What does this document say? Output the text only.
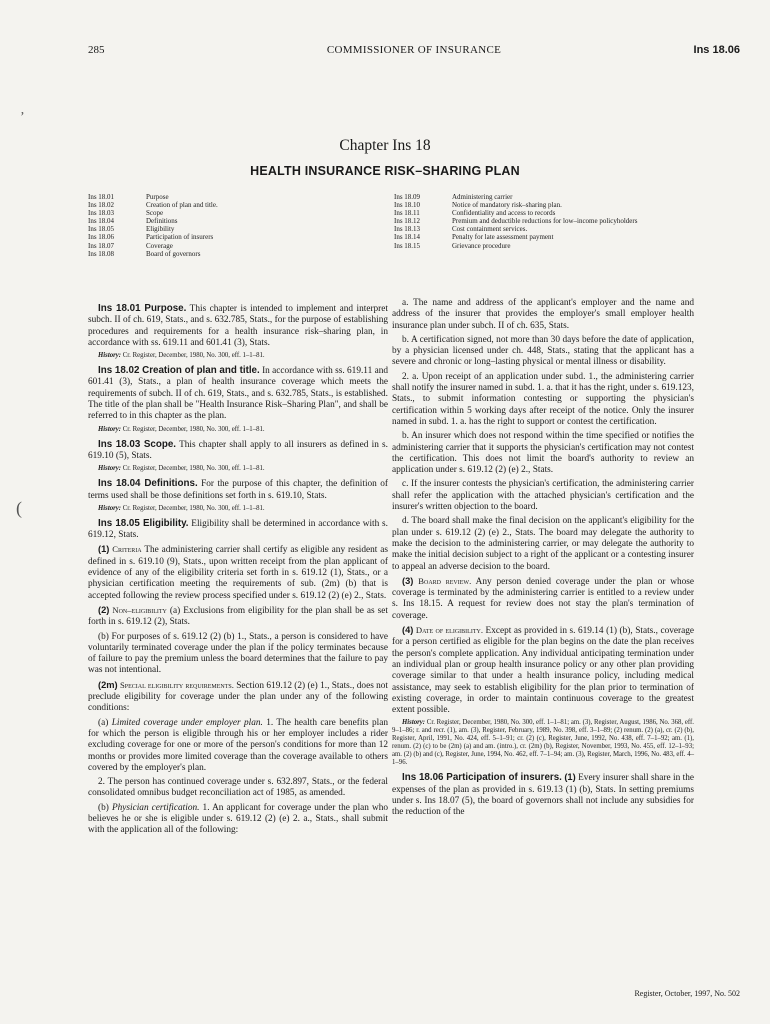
285	COMMISSIONER OF INSURANCE	Ins 18.06
’
(
Chapter Ins 18
HEALTH INSURANCE RISK–SHARING PLAN
Ins 18.01	Purpose
Ins 18.02	Creation of plan and title.
Ins 18.03	Scope
Ins 18.04	Definitions
Ins 18.05	Eligibility
Ins 18.06	Participation of insurers
Ins 18.07	Coverage
Ins 18.08	Board of governors
Ins 18.09	Administering carrier
Ins 18.10	Notice of mandatory risk–sharing plan.
Ins 18.11	Confidentiality and access to records
Ins 18.12	Premium and deductible reductions for low–income policyholders
Ins 18.13	Cost containment services.
Ins 18.14	Penalty for late assessment payment
Ins 18.15	Grievance procedure

Ins 18.01 Purpose. This chapter is intended to implement and interpret subch. II of ch. 619, Stats., and s. 632.785, Stats., for the purpose of establishing procedures and requirements for a health insurance risk–sharing plan, in accordance with ss. 619.11 and 601.41 (3), Stats.

History: Cr. Register, December, 1980, No. 300, eff. 1–1–81.

Ins 18.02 Creation of plan and title. In accordance with ss. 619.11 and 601.41 (3), Stats., a plan of health insurance coverage which meets the requirements of subch. II of ch. 619, Stats., and s. 632.785, Stats., is established. The title of the plan shall be "Health Insurance Risk–Sharing Plan", and shall be referred to in this chapter as the plan.

History: Cr. Register, December, 1980, No. 300, eff. 1–1–81.

Ins 18.03 Scope. This chapter shall apply to all insurers as defined in s. 619.10 (5), Stats.

History: Cr. Register, December, 1980, No. 300, eff. 1–1–81.

Ins 18.04 Definitions. For the purpose of this chapter, the definition of terms used shall be those definitions set forth in s. 619.10, Stats.

History: Cr. Register, December, 1980, No. 300, eff. 1–1–81.

Ins 18.05 Eligibility. Eligibility shall be determined in accordance with s. 619.12, Stats.

(1) Criteria The administering carrier shall certify as eligible any resident as defined in s. 619.10 (9), Stats., upon written receipt from the plan applicant of evidence of any of the eligibility criteria set forth in s. 619.12 (1), Stats., or a physician certification meeting the requirements of sub. (2m) (b) that is accepted following the review process specified under s. 619.12 (2) (e) 2., Stats.

(2) Non–eligibility (a) Exclusions from eligibility for the plan shall be as set forth in s. 619.12 (2), Stats.

(b) For purposes of s. 619.12 (2) (b) 1., Stats., a person is considered to have voluntarily terminated coverage under the plan if the policy terminates because of failure to pay the premium unless the board determines that the failure to pay was not intentional.

(2m) Special eligibility requirements. Section 619.12 (2) (e) 1., Stats., does not preclude eligibility for coverage under the plan under any of the following conditions:

(a) Limited coverage under employer plan. 1. The health care benefits plan for which the person is eligible through his or her employer includes a rider excluding coverage for one or more of the person's conditions for more than 12 months or provides more limited coverage than the coverage available to others covered by the employer's plan.

2. The person has continued coverage under s. 632.897, Stats., or the federal consolidated omnibus budget reconciliation act of 1985, as amended.

(b) Physician certification. 1. An applicant for coverage under the plan who believes he or she is eligible under s. 619.12 (2) (e) 2. a., Stats., shall submit with the application all of the following:

a. The name and address of the applicant's employer and the name and address of the insurer that provides the employer's small employer health insurance plan under subch. II of ch. 635, Stats.

b. A certification signed, not more than 30 days before the date of application, by a physician licensed under ch. 448, Stats., stating that the applicant has a severe and chronic or long–lasting physical or mental illness or disability.

2. a. Upon receipt of an application under subd. 1., the administering carrier shall notify the insurer named in subd. 1. a. that it has the right, under s. 619.123, Stats., to submit information contesting or supporting the physician's certification within 5 working days after receipt of the notice. Only the insurer named in subd. 1. a. has the right to support or contest the certification.

b. An insurer which does not respond within the time specified or notifies the administering carrier that it supports the physician's certification may not contest the certification. This does not limit the board's authority to review an application under s. 619.12 (2) (e) 2., Stats.

c. If the insurer contests the physician's certification, the administering carrier shall refer the application with the attached physician's certification and the insurer's written objection to the board.

d. The board shall make the final decision on the applicant's eligibility for the plan under s. 619.12 (2) (e) 2., Stats. The board may delegate the authority to make the decision to the administering carrier, or may delegate the authority to make the initial decision subject to a right of the applicant or a contesting insurer to appeal an adverse decision to the board.

(3) Board review. Any person denied coverage under the plan or whose coverage is terminated by the administering carrier is entitled to a review under s. Ins 18.15. A request for review does not stay the plan's termination of coverage.

(4) Date of eligibility. Except as provided in s. 619.14 (1) (b), Stats., coverage for a person certified as eligible for the plan begins on the date the plan receives the person's complete application. Any individual anticipating termination under an individual plan or group health insurance policy or any other plan providing coverage similar to that under a health insurance policy, including medical assistance, may seek to establish eligibility for the plan prior to termination of existing coverage, in order to maintain continuous coverage to the greatest extent possible.

History: Cr. Register, December, 1980, No. 300, eff. 1–1–81; am. (3), Register, August, 1986, No. 368, eff. 9–1–86; r. and recr. (1), am. (3), Register, February, 1989, No. 398, eff. 3–1–89; (2) renum. (2) (a), cr. (2) (b), Register, April, 1991, No. 424, eff. 5–1–91; cr. (2) (c), Register, June, 1992, No. 438, eff. 7–1–92; am. (1), renum. (2) (c) to be (2m) (a) and am. (intro.), cr. (2m) (b), Register, November, 1993, No. 455, eff. 12–1–93; am. (2) (b) and (c), Register, June, 1994, No. 462, eff. 7–1–94; am. (3), Register, March, 1996, No. 483, eff. 4–1–96.

Ins 18.06 Participation of insurers. (1) Every insurer shall share in the expenses of the plan as provided in s. 619.13 (1) (b), Stats. In setting premiums under s. Ins 18.07 (5), the board of governors shall not include any subsidies for the reduction of the

Register, October, 1997, No. 502
